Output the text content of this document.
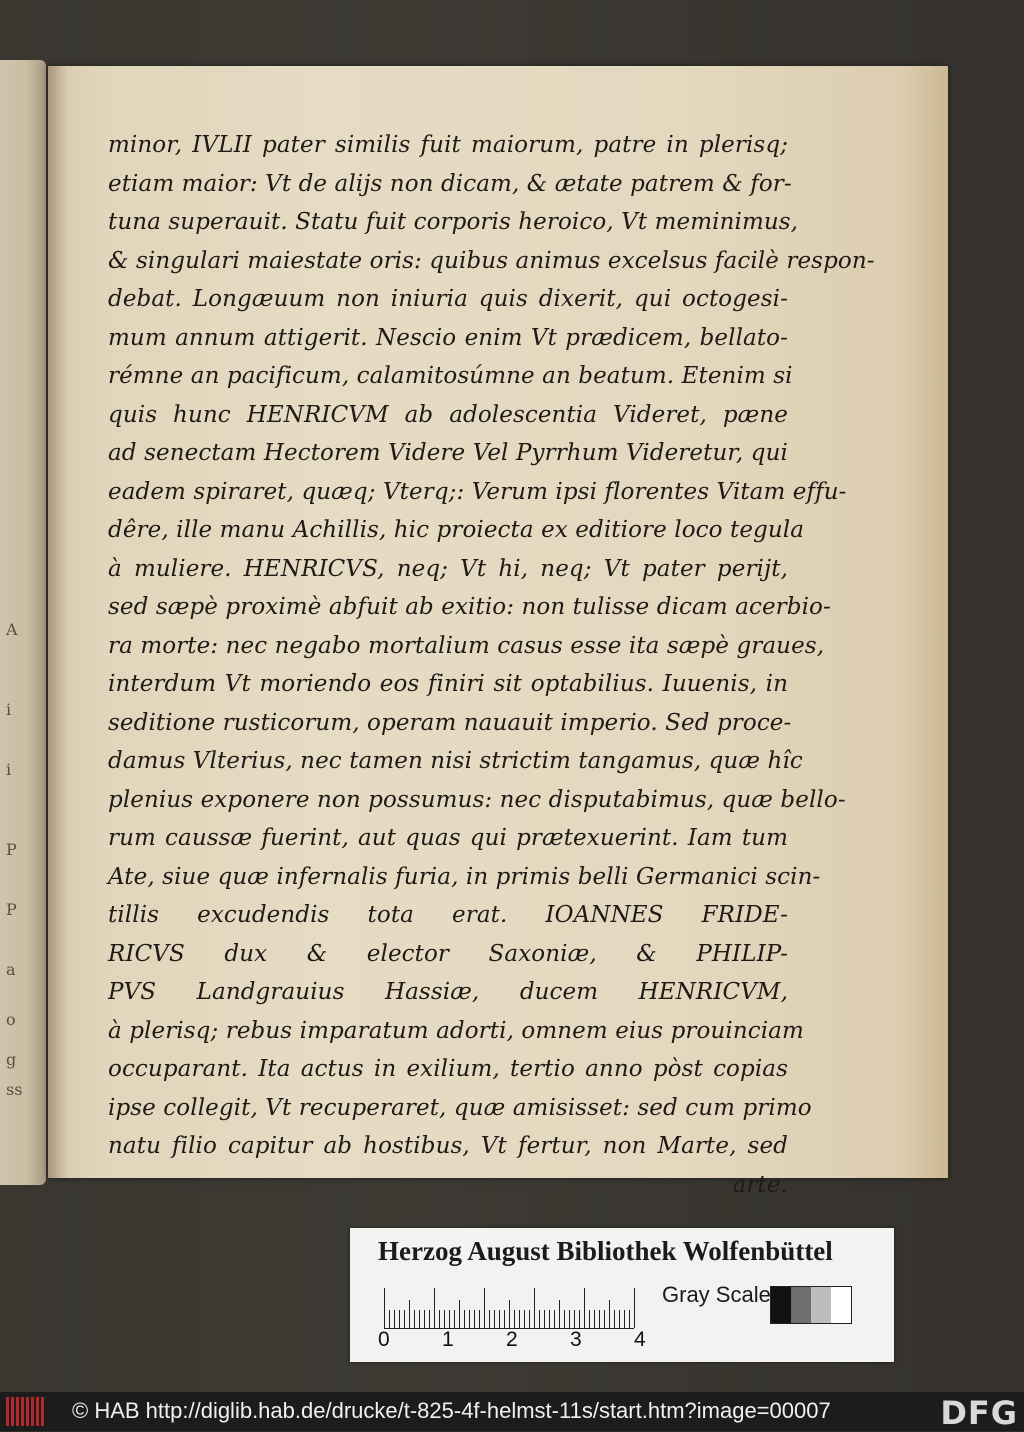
A
i
i
P
P
a
o
g
ss
minor, IVLII pater similis fuit maiorum, patre in plerisq;
etiam maior: Vt de alijs non dicam, & ætate patrem & for-
tuna superauit. Statu fuit corporis heroico, Vt meminimus,
& singulari maiestate oris: quibus animus excelsus facilè respon-
debat. Longæuum non iniuria quis dixerit, qui octogesi-
mum annum attigerit. Nescio enim Vt prædicem, bellato-
rémne an pacificum, calamitosúmne an beatum. Etenim si
quis hunc HENRICVM ab adolescentia Videret, pæne
ad senectam Hectorem Videre Vel Pyrrhum Videretur, qui
eadem spiraret, quæq; Vterq;: Verum ipsi florentes Vitam effu-
dêre, ille manu Achillis, hic proiecta ex editiore loco tegula
à muliere. HENRICVS, neq; Vt hi, neq; Vt pater perijt,
sed sæpè proximè abfuit ab exitio: non tulisse dicam acerbio-
ra morte: nec negabo mortalium casus esse ita sæpè graues,
interdum Vt moriendo eos finiri sit optabilius. Iuuenis, in
seditione rusticorum, operam nauauit imperio. Sed proce-
damus Vlterius, nec tamen nisi strictim tangamus, quæ hîc
plenius exponere non possumus: nec disputabimus, quæ bello-
rum caussæ fuerint, aut quas qui prætexuerint. Iam tum
Ate, siue quæ infernalis furia, in primis belli Germanici scin-
tillis excudendis tota erat. IOANNES FRIDE-
RICVS dux & elector Saxoniæ, & PHILIP-
PVS Landgrauius Hassiæ, ducem HENRICVM,
à plerisq; rebus imparatum adorti, omnem eius prouinciam
occuparant. Ita actus in exilium, tertio anno pòst copias
ipse collegit, Vt recuperaret, quæ amisisset: sed cum primo
natu filio capitur ab hostibus, Vt fertur, non Marte, sed
arte.
Herzog August Bibliothek Wolfenbüttel
0 1 2 3 4
Gray Scale
© HAB http://diglib.hab.de/drucke/t-825-4f-helmst-11s/start.htm?image=00007	DFG
